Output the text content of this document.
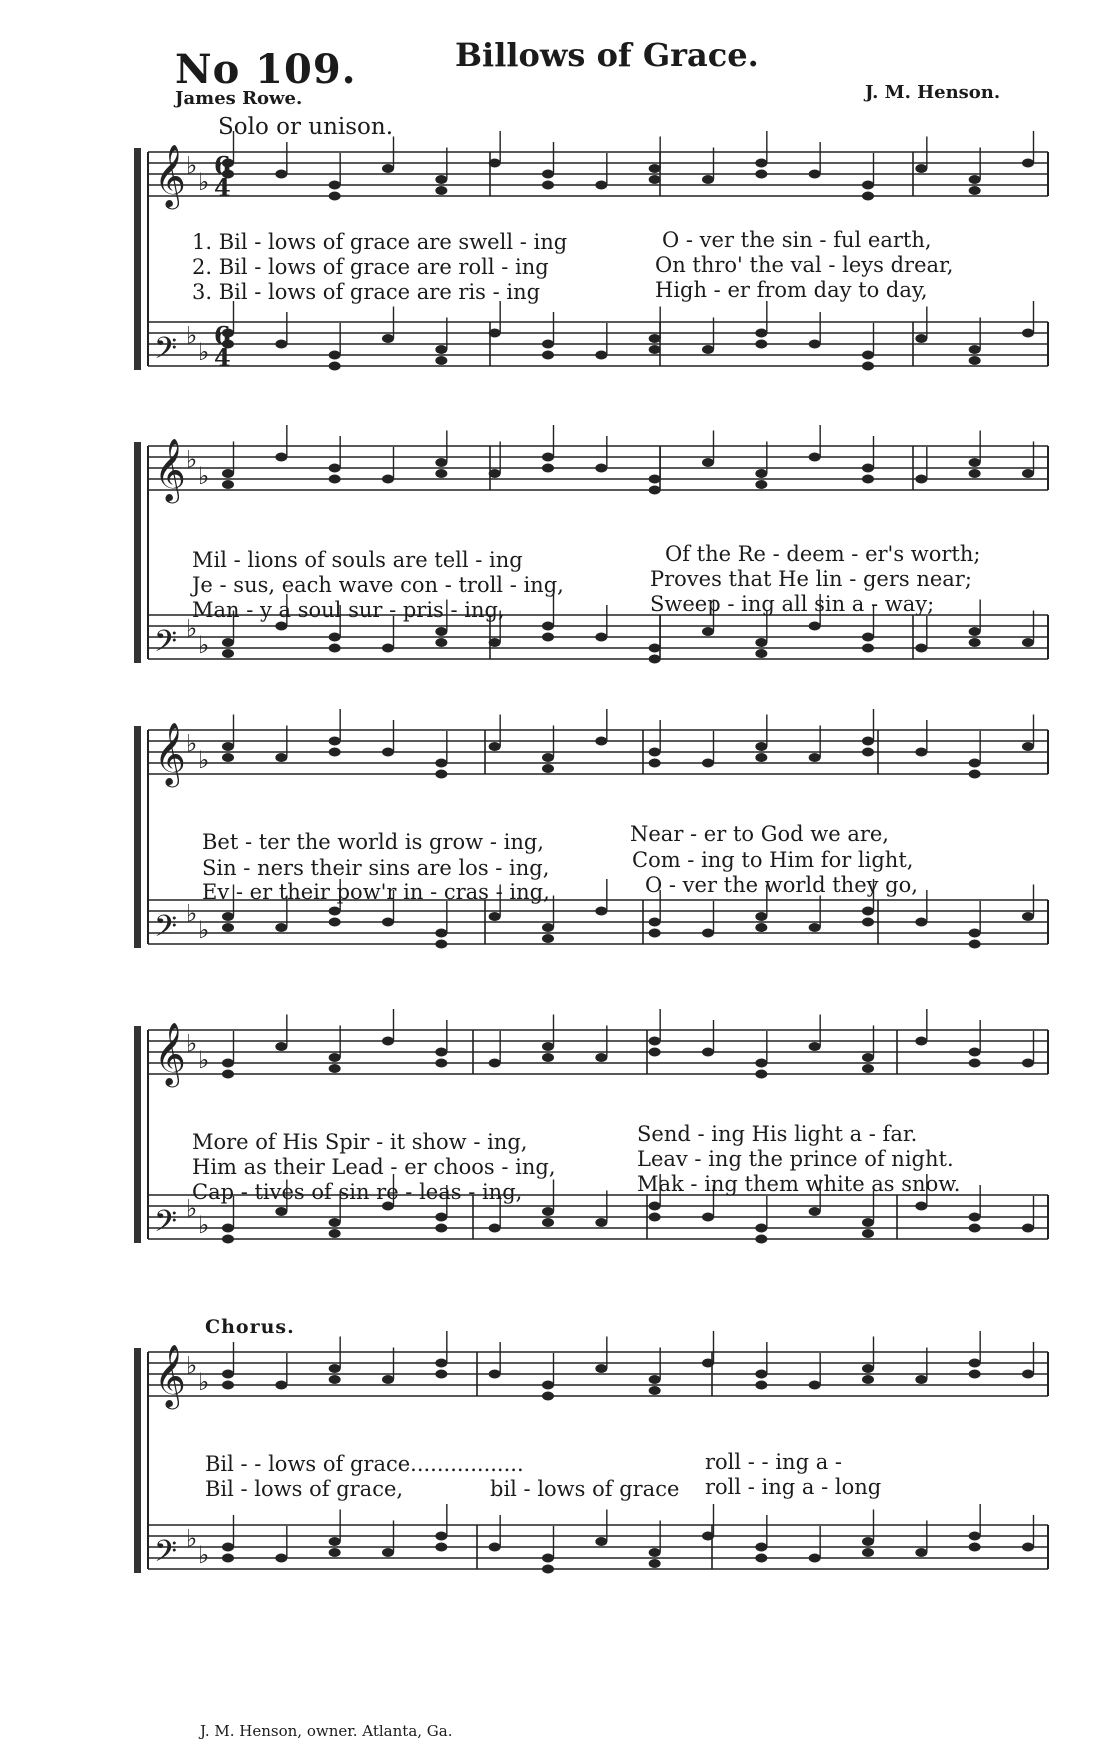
No 109.	Billows of Grace.
James Rowe.	J. M. Henson.
Solo or unison.
𝄞 ♭
♭
𝄢 ♭
♭
𝄞 ♭
♭
𝄢 ♭
♭
𝄞 ♭
♭
𝄢 ♭
♭
𝄞 ♭
♭
𝄢 ♭
♭
𝄞 ♭
♭
𝄢 ♭
♭
6
6
4
4
1. Bil - lows of grace are swell - ing	O - ver the sin - ful earth,
2. Bil - lows of grace are roll - ing	On thro' the val - leys drear,
3. Bil - lows of grace are ris - ing	High - er from day to day,
Mil - lions of souls are tell - ing	Of the Re - deem - er's worth;
Je - sus, each wave con - troll - ing,	Proves that He lin - gers near;
Man - y a soul sur - pris - ing,	Sweep - ing all sin a - way;
Bet - ter the world is grow - ing,	Near - er to God we are,
Sin - ners their sins are los - ing,	Com - ing to Him for light,
Ev - er their pow'r in - cras - ing,	O - ver the world they go,
More of His Spir - it show - ing,	Send - ing His light a - far.
Him as their Lead - er choos - ing,	Leav - ing the prince of night.
Cap - tives of sin re - leas - ing,	Mak - ing them white as snow.
Chorus.
Bil - - lows of grace.................	roll - - ing a -
Bil - lows of grace,	bil - lows of grace roll - ing a - long
J. M. Henson, owner. Atlanta, Ga.
